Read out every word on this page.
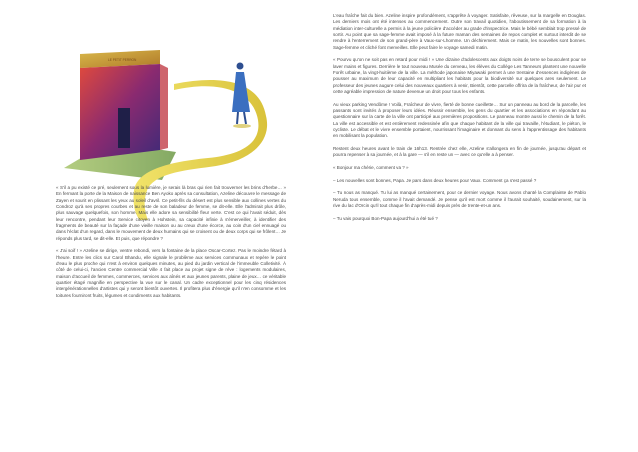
LE PETIT PERRON

« S'il a pu existé ce pré, seulement sous la lumière, je serais là bras qui rien fait trouverner les brins d'herbe… » En fermant la porte de la Maison de naissance Ben Ayoko après sa consultation, Azeline découvre le message de Zayen et sourit en plissant les yeux au soleil d'avril. Ce petit-fils du désert est plus sensible aux collines vertes du Condroz qu'à ses propres courbes et au reste de son baladeur de femme, se dit-elle. Elle l'admirait plus drôle, plus sauvage quelquefois, son homme. Mais elle adore sa sensibilité fleur verte. C'est ce qui l'avait séduit, dès leur rencontre, pendant leur Service citoyen à Hohstein, sa capacité infinie à s'émerveiller, à identifier des fragments de beauté sur la façade d'une vieille maison ou au creux d'une écorce, au coin d'un ciel ennuagé ou dans l'éclat d'un regard, dans le mouvement de deux humains qui se croisent ou de deux corps qui se frôlent… Je réponds plus tard, se dit-elle. Et puis, que répondre ?

« J'ai soif ! » Azeline se dirige, ventre rebondi, vers la fontaine de la place Oscar-Cortez. Pas le moindre fétard à l'heure. Entre les clics sur Carol Bhandu, elle signale le problème aux services communaux et repère le point d'eau le plus proche qui n'est à environ quelques minutes, au pied du jardin vertical de l'immeuble Colletivité. À côté de celui-ci, l'ancien Centre commercial Ville 4 fait place au projet signe de réve : logements modulaires, maison d'accueil de femmes, commerces, services aux aînés et aux jeunes parents, plaine de jeux… ce véritable quartier étagé magnifie en perspective la vue sur le canal. Un cadre exceptionnel pour les cinq résidences intergénérationnelles d'artistes qui y seront bientôt ouvertes. Il profitera plus d'énergie qu'il n'en consomme et les toitures fourniront fruits, légumes et condiments aux habitants.

L'eau fraîche fait du bien. Azeline inspire profondément, s'apprête à voyager. Satisfaite, rêveuse, sur la margelle en Douglas. Les derniers mois ont été intenses au commencement. Outre son travail quotidien, l'aboutissement de sa formation à la médiation inter-culturelle a permis à la jeune policière d'accéder au grade d'inspectrice. Mais le bébé semblait trop pressé de sortir. Au point que sa sage-femme avait imposé à la future maman des semaines de repos complet et surtout interdit de se rendre à l'enterrement de son grand-père à Vaux-sur-Lhomme. Un déchirement. Mais ce matin, les nouvelles sont bonnes. Sage-femme et cliché font merveilles. Elle peut faire le voyage samedi matin.

« Pourvu qu'on ne soit pas en retard pour midi ! » Une dizaine d'adolescents aux doigts noirs de terre se bousculent pour se laver mains et figures. Derrière le tout nouveau Musée du cerveau, les élèves du Collège Les Tanneurs plantent une nouvelle Forêt urbaine, la vingt-huitième de la ville. La méthode japonaise Miyawaki permet à une trentaine d'essences indigènes de pousser au maximum de leur capacité en multipliant les habitats pour la biodiversité sur quelques ares seulement. Le professeur des jeunes augure celui des nouveaux quartiers à venir, Bientôt, cette parcelle offrira de la fraîcheur, de l'air pur et cette agréable impression de nature devenue un droit pour tous les enfants.

Au vieux parking Vendôme ! Voilà, Fraîcheur de vivre, fierté de bonne cueillette… Sur un panneau au bord de la parcelle, les passants sont invités à proposer leurs idées. Réussir ensemble, les gens du quartier et les associations en répondant au questionnaire sur la carte de la ville ont participé aux premières propositions. Le panneau montre aussi le chemin de la forêt. La ville est accessible et est entièrement redessinée afin que chaque habitant de la ville qui travaille, l'étudiant, le piéton, le cycliste. Le débat et le vivre ensemble portaient, nourrissant l'imaginaire et donnant du sens à l'apprentissage des habitants en mobilisant la population.

Restent deux heures avant le train de 16h13. Rentrée chez elle, Azeline s'allongera en fin de journée, jusqu'au départ et pourra repenser à sa journée, et à la gare — s'il en reste un — avec ce qu'elle a à penser.

« Bonjour ma chérie, comment va ? »

– Les nouvelles sont bonnes, Papa. Je pars dans deux heures pour Vaux. Comment ça s'est passé ?

– Tu nous as manqué. Tu lui as manqué certainement, pour ce dernier voyage. Nous avons chanté la Complainte de Pablo Neruda tous ensemble, comme il l'avait demandé. Je pense qu'il est mort comme il l'aurait souhaité, soudainement, sur la rive du lac d'Orcin qu'il tout chaque fin d'après-midi depuis près de trente-et-un ans.

– Tu vais pourquoi Bon-Papa aujourd'hui a été tué ?
